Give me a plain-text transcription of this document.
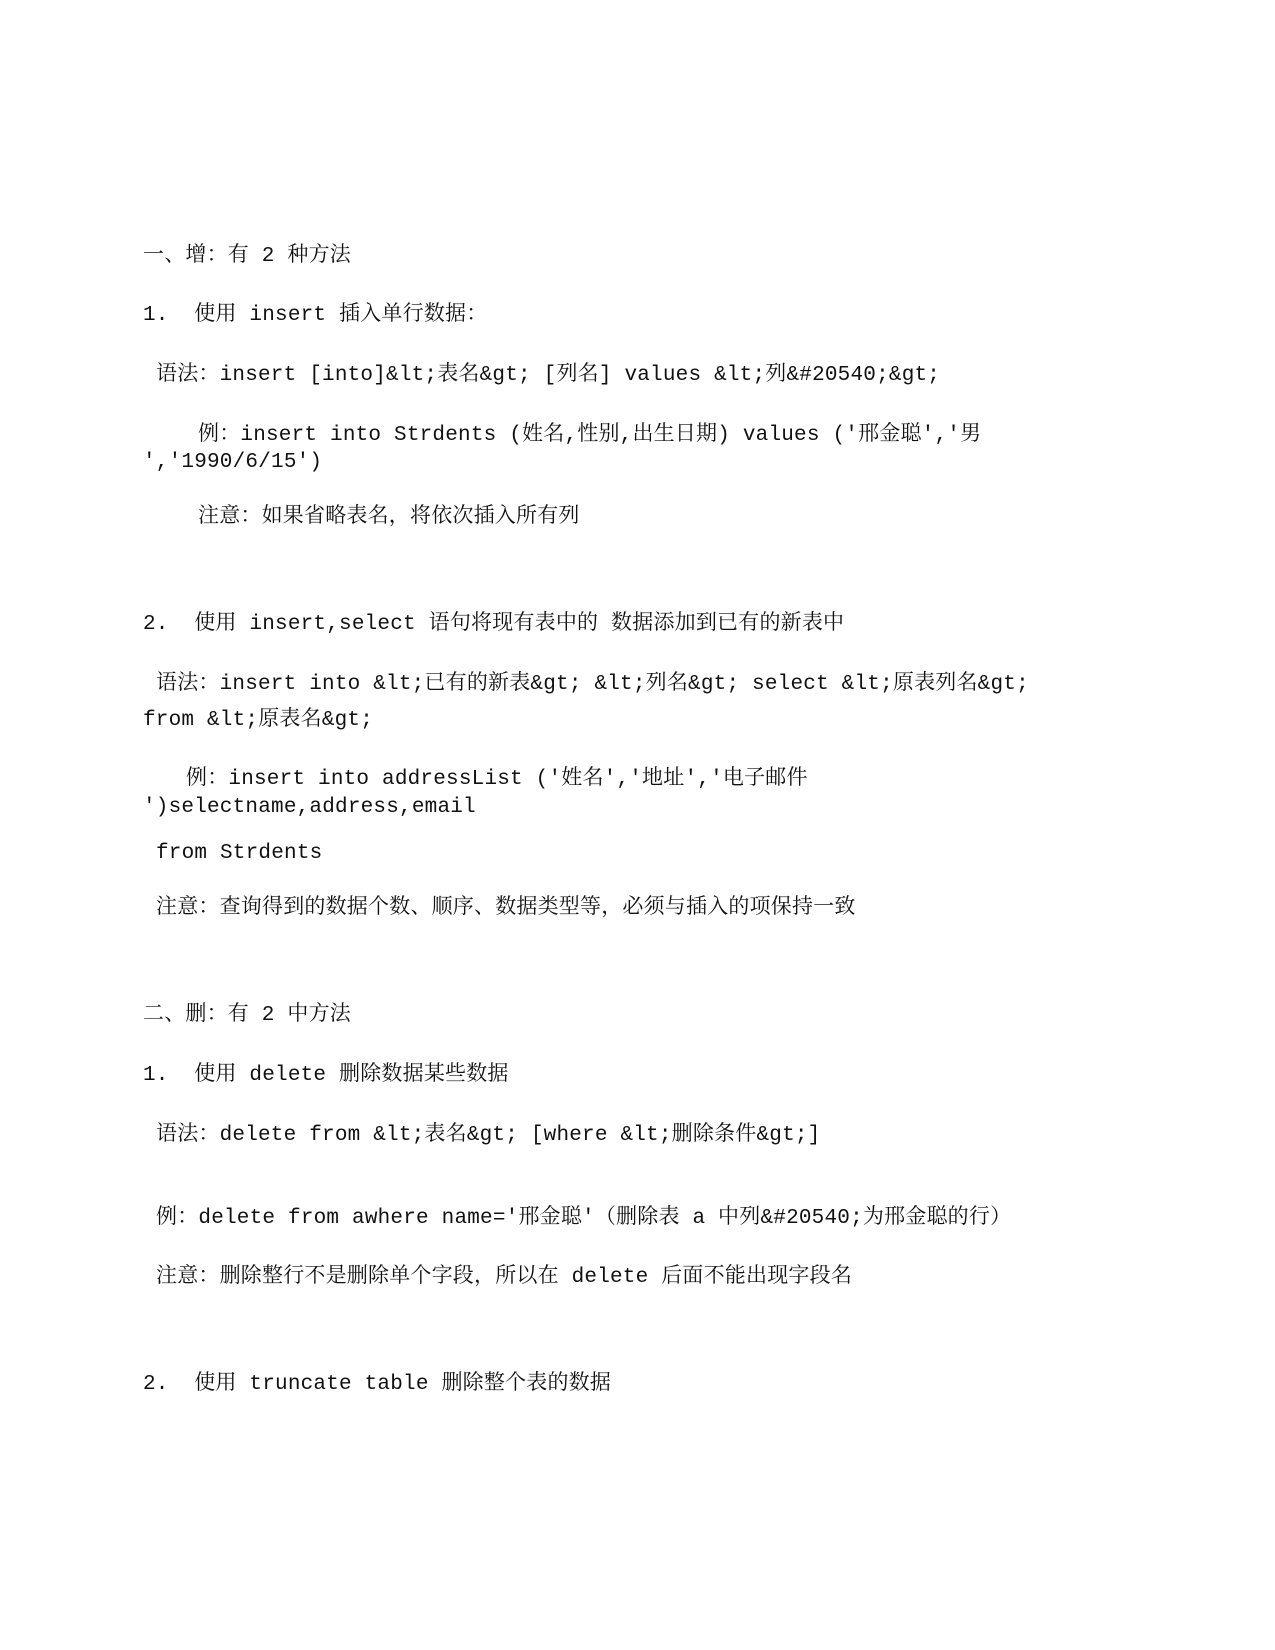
一、增：有 2 种方法
1.  使用 insert 插入单行数据：
语法：insert [into]&lt;表名&gt; [列名] values &lt;列&#20540;&gt;
例：insert into Strdents (姓名,性别,出生日期) values ('邢金聪','男
','1990/6/15')
注意：如果省略表名，将依次插入所有列
2.  使用 insert,select 语句将现有表中的 数据添加到已有的新表中
语法：insert into &lt;已有的新表&gt; &lt;列名&gt; select &lt;原表列名&gt;
from &lt;原表名&gt;
例：insert into addressList ('姓名','地址','电子邮件
')selectname,address,email
from Strdents
注意：查询得到的数据个数、顺序、数据类型等，必须与插入的项保持一致
二、删：有 2 中方法
1.  使用 delete 删除数据某些数据
语法：delete from &lt;表名&gt; [where &lt;删除条件&gt;]
例：delete from awhere name='邢金聪'（删除表 a 中列&#20540;为邢金聪的行）
注意：删除整行不是删除单个字段，所以在 delete 后面不能出现字段名
2.  使用 truncate table 删除整个表的数据
